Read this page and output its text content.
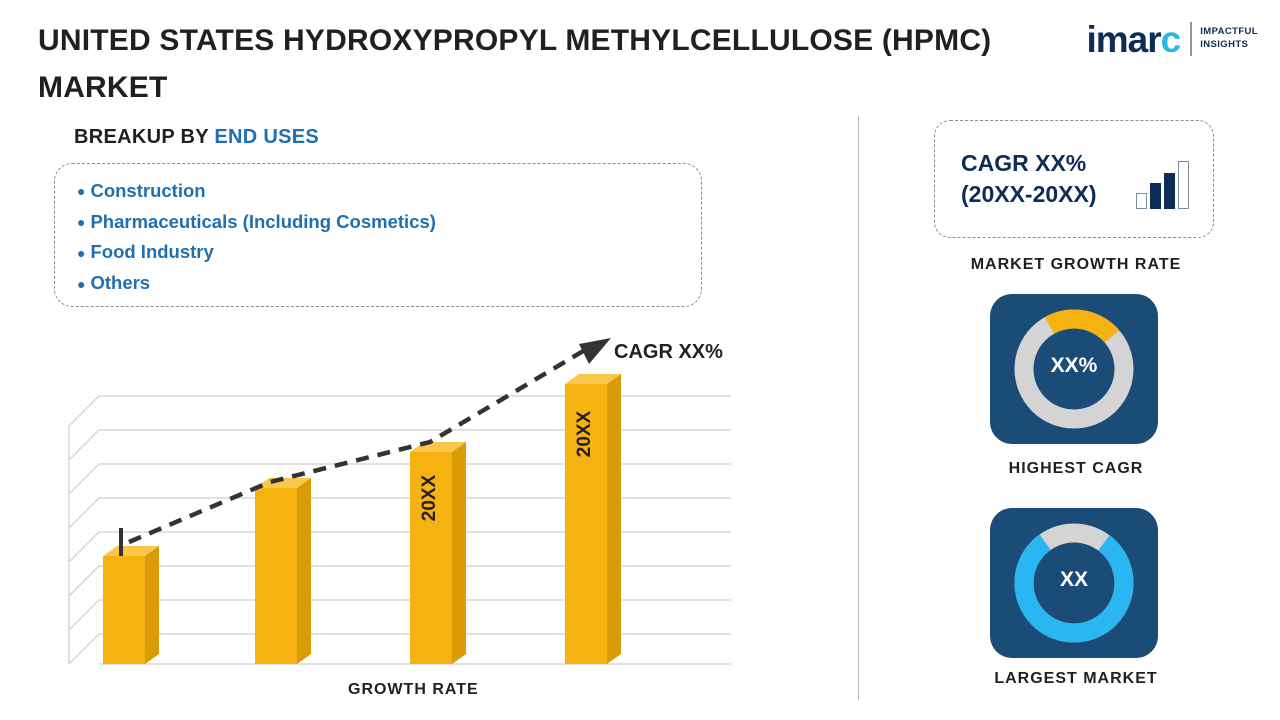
UNITED STATES HYDROXYPROPYL METHYLCELLULOSE (HPMC) MARKET
imarc IMPACTFUL
INSIGHTS
BREAKUP BY END USES
● Construction
● Pharmaceuticals (Including Cosmetics)
● Food Industry
● Others
20XX
20XX
CAGR XX%
GROWTH RATE
CAGR XX%
(20XX-20XX)
MARKET GROWTH RATE
XX%
HIGHEST CAGR
XX
LARGEST MARKET
